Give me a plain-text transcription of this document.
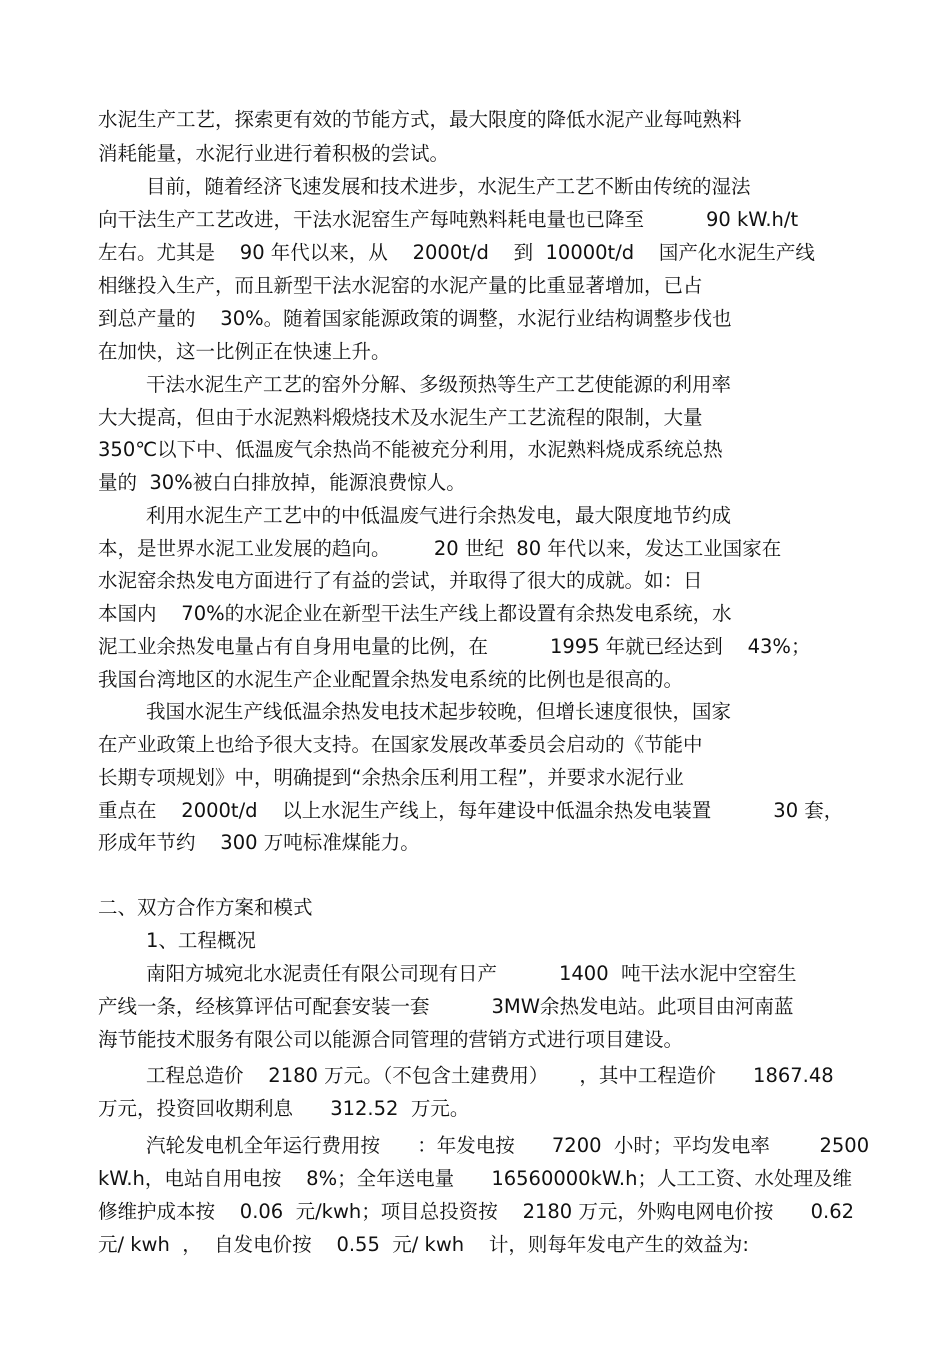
水泥生产工艺，探索更有效的节能方式，最大限度的降低水泥产业每吨熟料
消耗能量，水泥行业进行着积极的尝试。
目前，随着经济飞速发展和技术进步，水泥生产工艺不断由传统的湿法
向干法生产工艺改进，干法水泥窑生产每吨熟料耗电量也已降至          90 kW.h/t
左右。尤其是    90 年代以来，从    2000t/d    到  10000t/d    国产化水泥生产线
相继投入生产，而且新型干法水泥窑的水泥产量的比重显著增加，已占
到总产量的    30%。随着国家能源政策的调整，水泥行业结构调整步伐也
在加快，这一比例正在快速上升。
干法水泥生产工艺的窑外分解、多级预热等生产工艺使能源的利用率
大大提高，但由于水泥熟料煅烧技术及水泥生产工艺流程的限制，大量
350℃以下中、低温废气余热尚不能被充分利用，水泥熟料烧成系统总热
量的  30%被白白排放掉，能源浪费惊人。
利用水泥生产工艺中的中低温废气进行余热发电，最大限度地节约成
本，是世界水泥工业发展的趋向。       20 世纪  80 年代以来，发达工业国家在
水泥窑余热发电方面进行了有益的尝试，并取得了很大的成就。如：日
本国内    70%的水泥企业在新型干法生产线上都设置有余热发电系统，水
泥工业余热发电量占有自身用电量的比例，在          1995 年就已经达到    43%；
我国台湾地区的水泥生产企业配置余热发电系统的比例也是很高的。
我国水泥生产线低温余热发电技术起步较晚，但增长速度很快，国家
在产业政策上也给予很大支持。在国家发展改革委员会启动的《节能中
长期专项规划》中，明确提到“余热余压利用工程”，并要求水泥行业
重点在    2000t/d    以上水泥生产线上，每年建设中低温余热发电装置          30 套，
形成年节约    300 万吨标准煤能力。
二、双方合作方案和模式
1、工程概况
南阳方城宛北水泥责任有限公司现有日产          1400  吨干法水泥中空窑生
产线一条，经核算评估可配套安装一套          3MW余热发电站。此项目由河南蓝
海节能技术服务有限公司以能源合同管理的营销方式进行项目建设。
工程总造价    2180 万元。（不包含土建费用）     ，其中工程造价      1867.48
万元，投资回收期利息      312.52  万元。
汽轮发电机全年运行费用按      ：年发电按      7200  小时；平均发电率        2500
kW.h，电站自用电按    8%；全年送电量      16560000kW.h；人工工资、水处理及维
修维护成本按    0.06  元/kwh；项目总投资按    2180 万元，外购电网电价按      0.62
元/ kwh  ，  自发电价按    0.55  元/ kwh    计，则每年发电产生的效益为:
